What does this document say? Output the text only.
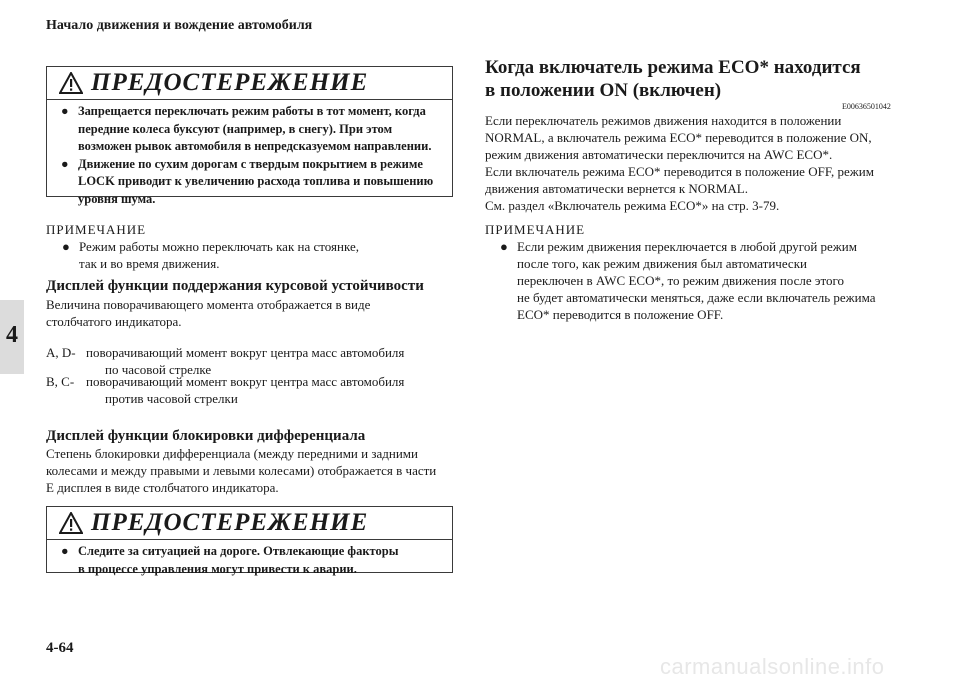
Начало движения и вождение автомобиля
4
ПРЕДОСТЕРЕЖЕНИЕ
● Запрещается переключать режим работы в тот момент, когда
передние колеса буксуют (например, в снегу). При этом
возможен рывок автомобиля в непредсказуемом направлении.
● Движение по сухим дорогам с твердым покрытием в режиме
LOCK приводит к увеличению расхода топлива и повышению
уровня шума.
ПРИМЕЧАНИЕ
● Режим работы можно переключать как на стоянке,
так и во время движения.
Дисплей функции поддержания курсовой устойчивости
Величина поворачивающего момента отображается в виде
столбчатого индикатора.
A, D- поворачивающий момент вокруг центра масс автомобиля
по часовой стрелке
B, C- поворачивающий момент вокруг центра масс автомобиля
против часовой стрелки
Дисплей функции блокировки дифференциала
Степень блокировки дифференциала (между передними и задними
колесами и между правыми и левыми колесами) отображается в части
E дисплея в виде столбчатого индикатора.
ПРЕДОСТЕРЕЖЕНИЕ
● Следите за ситуацией на дороге. Отвлекающие факторы
в процессе управления могут привести к аварии.
Когда включатель режима ECO* находится
в положении ON (включен)
E00636501042
Если переключатель режимов движения находится в положении
NORMAL, а включатель режима ECO* переводится в положение ON,
режим движения автоматически переключится на AWC ECO*.
Если включатель режима ECO* переводится в положение OFF, режим
движения автоматически вернется к NORMAL.
См. раздел «Включатель режима ECO*» на стр. 3-79.
ПРИМЕЧАНИЕ
● Если режим движения переключается в любой другой режим
после того, как режим движения был автоматически
переключен в AWC ECO*, то режим движения после этого
не будет автоматически меняться, даже если включатель режима
ECO* переводится в положение OFF.
4-64
carmanualsonline.info
